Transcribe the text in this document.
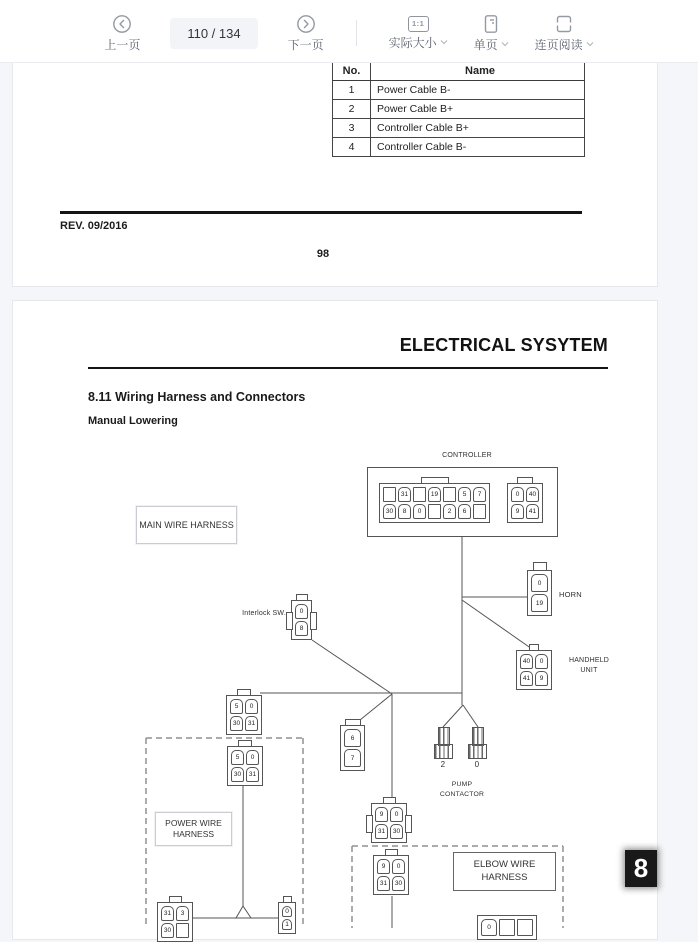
上一页
110 / 134
下一页
1:1
实际大小	单页	连页阅读
No.	Name
1	Power Cable B-
2	Power Cable B+
3	Controller Cable B+
4	Controller Cable B-
REV. 09/2016
98
ELECTRICAL SYSYTEM
8.11 Wiring Harness and Connectors
Manual Lowering
CONTROLLER
31	19	5	7
30	8	0	2	6
0	40
9	41
MAIN WIRE HARNESS
Interlock SW.	0
8
0
19
HORN
40	0
41	9
HANDHELD UNIT
5	0
30	31
5	0
30	31
6
7
2	0
PUMP CONTACTOR
POWER WIRE HARNESS
9	0
31	30
9	0
31	30
ELBOW WIRE HARNESS
31	3
30
0
1	0
8
